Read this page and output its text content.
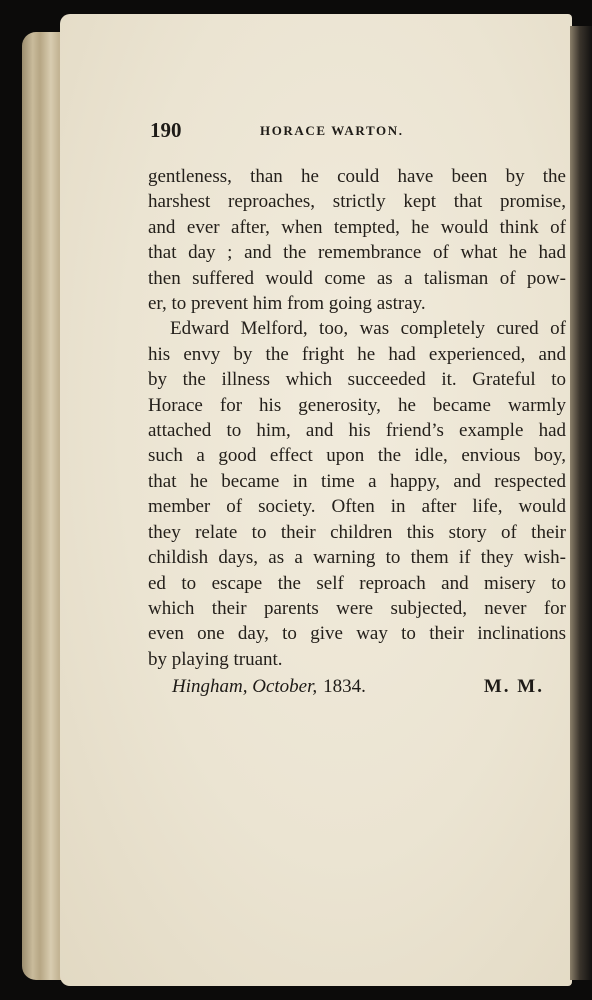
190	HORACE WARTON.
gentleness, than he could have been by the
harshest reproaches, strictly kept that promise,
and ever after, when tempted, he would think of
that day ; and the remembrance of what he had
then suffered would come as a talisman of pow-
er, to prevent him from going astray.
Edward Melford, too, was completely cured of
his envy by the fright he had experienced, and
by the illness which succeeded it. Grateful to
Horace for his generosity, he became warmly
attached to him, and his friend’s example had
such a good effect upon the idle, envious boy,
that he became in time a happy, and respected
member of society. Often in after life, would
they relate to their children this story of their
childish days, as a warning to them if they wish-
ed to escape the self reproach and misery to
which their parents were subjected, never for
even one day, to give way to their inclinations
by playing truant.
Hingham, October, 1834.	M. M.
